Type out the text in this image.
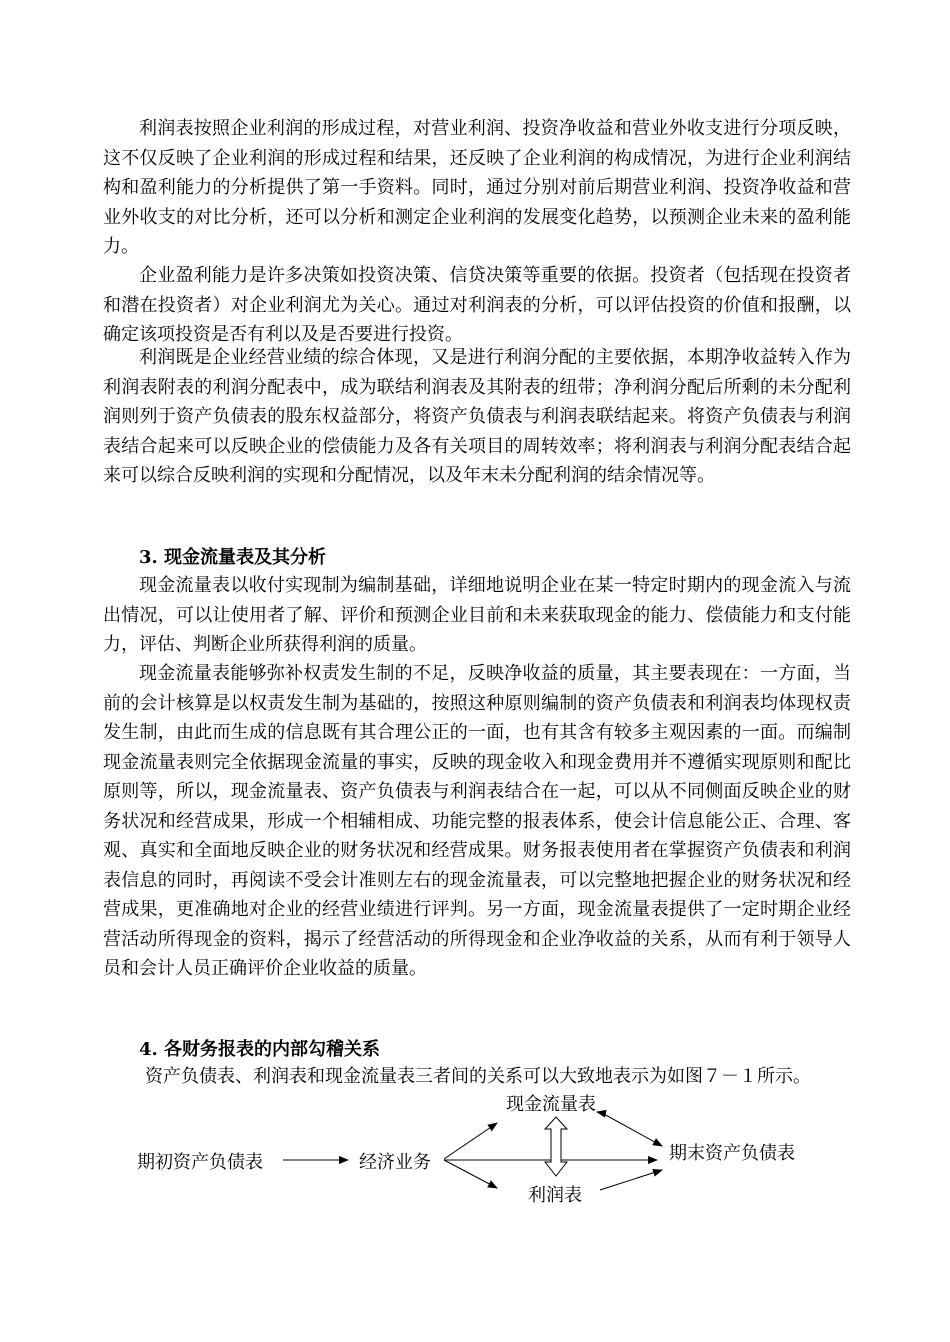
利润表按照企业利润的形成过程，对营业利润、投资净收益和营业外收支进行分项反映，这不仅反映了企业利润的形成过程和结果，还反映了企业利润的构成情况，为进行企业利润结构和盈利能力的分析提供了第一手资料。同时，通过分别对前后期营业利润、投资净收益和营业外收支的对比分析，还可以分析和测定企业利润的发展变化趋势，以预测企业未来的盈利能力。

企业盈利能力是许多决策如投资决策、信贷决策等重要的依据。投资者（包括现在投资者和潜在投资者）对企业利润尤为关心。通过对利润表的分析，可以评估投资的价值和报酬，以确定该项投资是否有利以及是否要进行投资。

利润既是企业经营业绩的综合体现，又是进行利润分配的主要依据，本期净收益转入作为利润表附表的利润分配表中，成为联结利润表及其附表的纽带；净利润分配后所剩的未分配利润则列于资产负债表的股东权益部分，将资产负债表与利润表联结起来。将资产负债表与利润表结合起来可以反映企业的偿债能力及各有关项目的周转效率；将利润表与利润分配表结合起来可以综合反映利润的实现和分配情况，以及年末未分配利润的结余情况等。

3. 现金流量表及其分析

现金流量表以收付实现制为编制基础，详细地说明企业在某一特定时期内的现金流入与流出情况，可以让使用者了解、评价和预测企业目前和未来获取现金的能力、偿债能力和支付能力，评估、判断企业所获得利润的质量。

现金流量表能够弥补权责发生制的不足，反映净收益的质量，其主要表现在：一方面，当前的会计核算是以权责发生制为基础的，按照这种原则编制的资产负债表和利润表均体现权责发生制，由此而生成的信息既有其合理公正的一面，也有其含有较多主观因素的一面。而编制现金流量表则完全依据现金流量的事实，反映的现金收入和现金费用并不遵循实现原则和配比原则等，所以，现金流量表、资产负债表与利润表结合在一起，可以从不同侧面反映企业的财务状况和经营成果，形成一个相辅相成、功能完整的报表体系，使会计信息能公正、合理、客观、真实和全面地反映企业的财务状况和经营成果。财务报表使用者在掌握资产负债表和利润表信息的同时，再阅读不受会计准则左右的现金流量表，可以完整地把握企业的财务状况和经营成果，更准确地对企业的经营业绩进行评判。另一方面，现金流量表提供了一定时期企业经营活动所得现金的资料，揭示了经营活动的所得现金和企业净收益的关系，从而有利于领导人员和会计人员正确评价企业收益的质量。

4. 各财务报表的内部勾稽关系

资产负债表、利润表和现金流量表三者间的关系可以大致地表示为如图７－１所示。

期初资产负债表	经济业务
现金流量表
利润表
期末资产负债表
